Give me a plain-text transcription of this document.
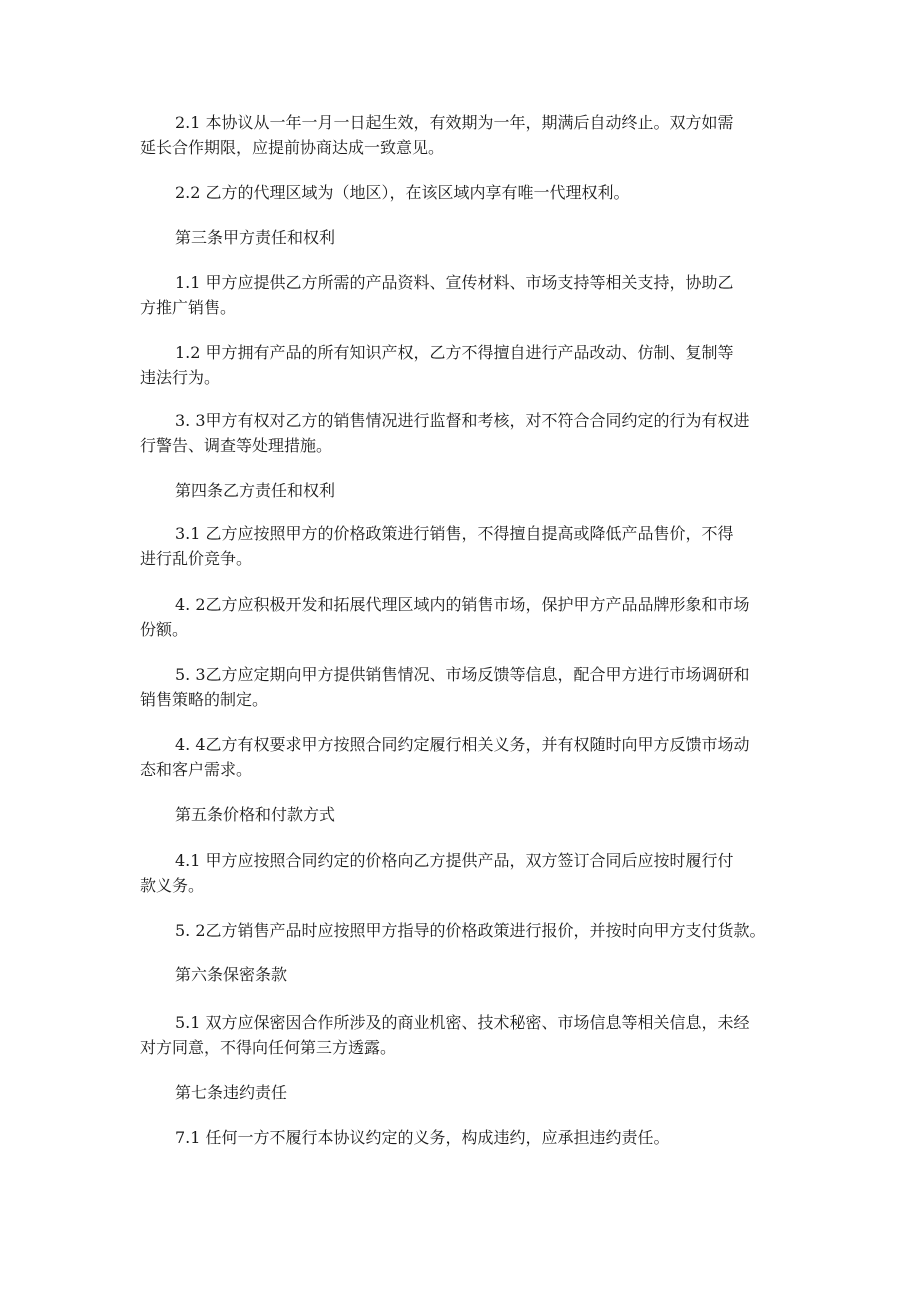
2.1 本协议从一年一月一日起生效，有效期为一年，期满后自动终止。双方如需
延长合作期限，应提前协商达成一致意见。
2.2 乙方的代理区域为（地区），在该区域内享有唯一代理权利。
第三条甲方责任和权利
1.1 甲方应提供乙方所需的产品资料、宣传材料、市场支持等相关支持，协助乙
方推广销售。
1.2 甲方拥有产品的所有知识产权，乙方不得擅自进行产品改动、仿制、复制等
违法行为。
3. 3甲方有权对乙方的销售情况进行监督和考核，对不符合合同约定的行为有权进
行警告、调查等处理措施。
第四条乙方责任和权利
3.1 乙方应按照甲方的价格政策进行销售，不得擅自提高或降低产品售价，不得
进行乱价竞争。
4. 2乙方应积极开发和拓展代理区域内的销售市场，保护甲方产品品牌形象和市场
份额。
5. 3乙方应定期向甲方提供销售情况、市场反馈等信息，配合甲方进行市场调研和
销售策略的制定。
4. 4乙方有权要求甲方按照合同约定履行相关义务，并有权随时向甲方反馈市场动
态和客户需求。
第五条价格和付款方式
4.1 甲方应按照合同约定的价格向乙方提供产品，双方签订合同后应按时履行付
款义务。
5. 2乙方销售产品时应按照甲方指导的价格政策进行报价，并按时向甲方支付货款。
第六条保密条款
5.1 双方应保密因合作所涉及的商业机密、技术秘密、市场信息等相关信息，未经
对方同意，不得向任何第三方透露。
第七条违约责任
7.1 任何一方不履行本协议约定的义务，构成违约，应承担违约责任。
